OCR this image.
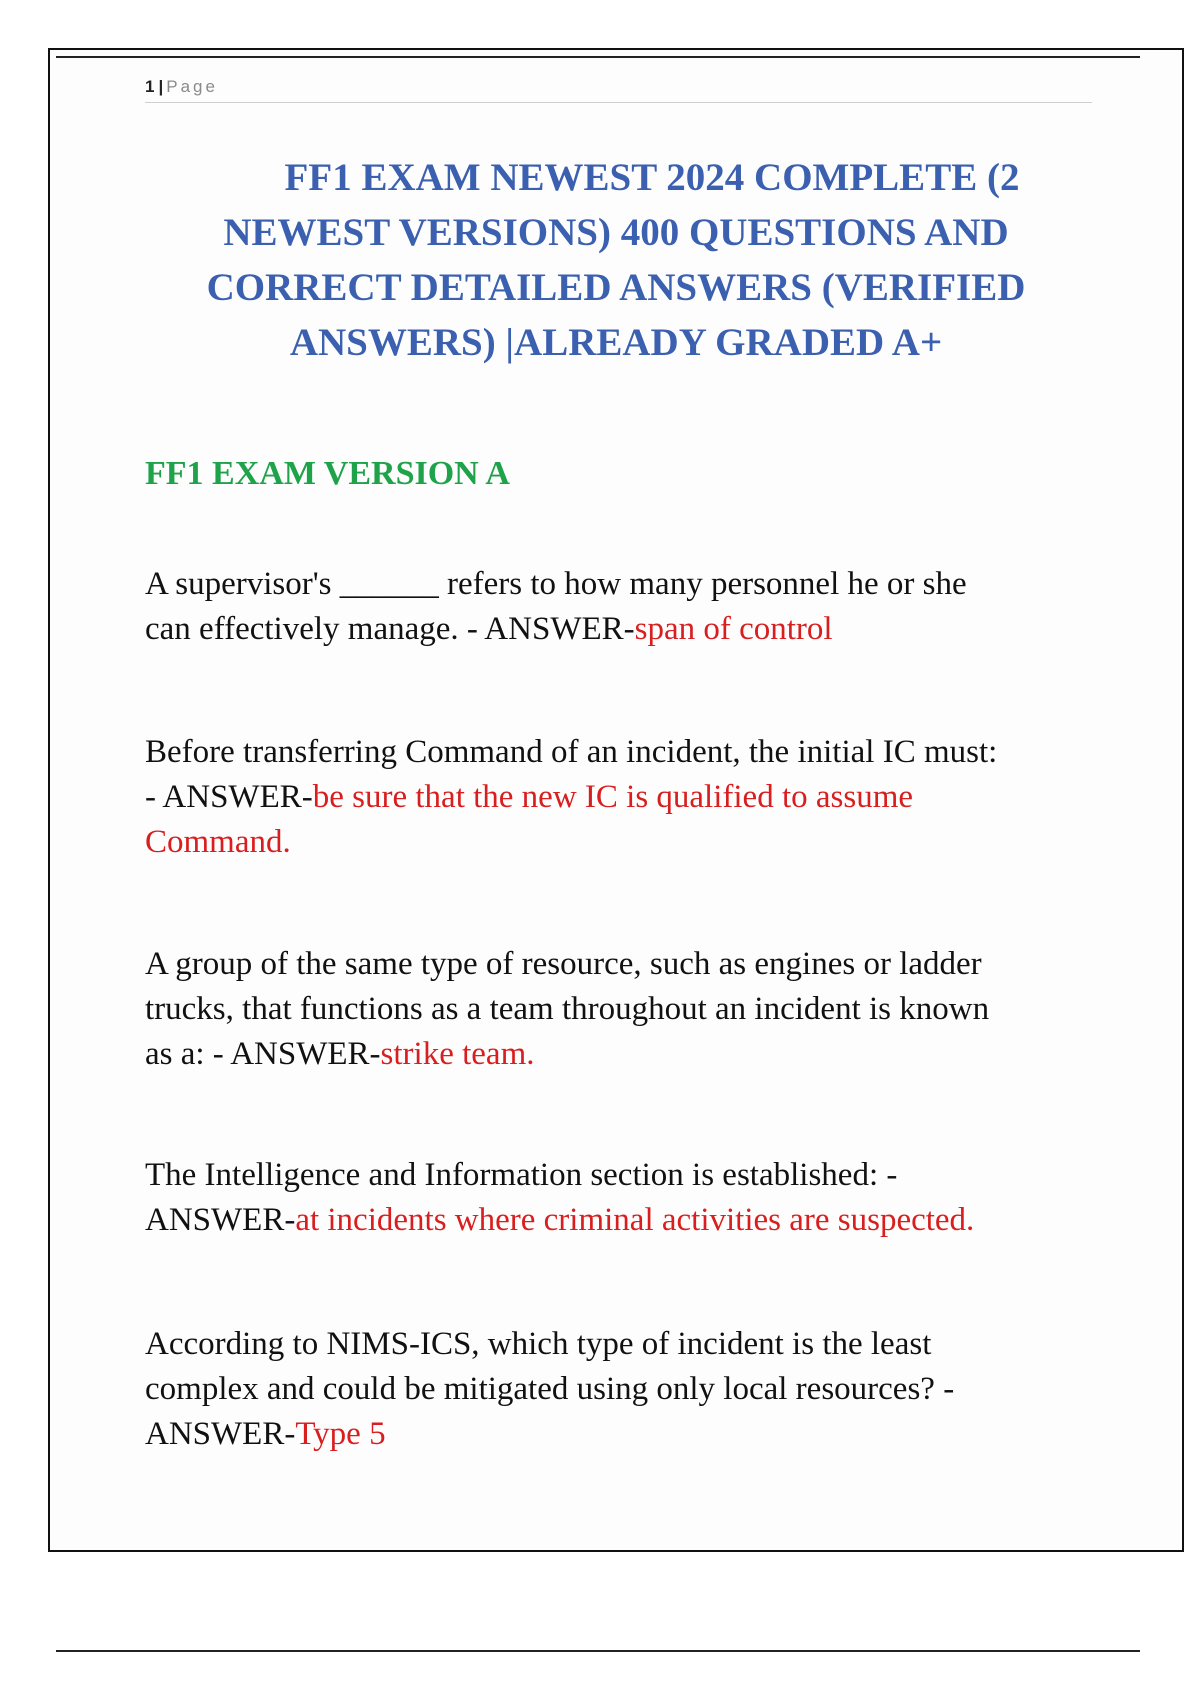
1 | Page
FF1 EXAM NEWEST 2024 COMPLETE (2
NEWEST VERSIONS) 400 QUESTIONS AND
CORRECT DETAILED ANSWERS (VERIFIED
ANSWERS) |ALREADY GRADED A+
FF1 EXAM VERSION A

A supervisor's ______ refers to how many personnel he or she
can effectively manage. - ANSWER-span of control

Before transferring Command of an incident, the initial IC must:
- ANSWER-be sure that the new IC is qualified to assume
Command.

A group of the same type of resource, such as engines or ladder
trucks, that functions as a team throughout an incident is known
as a: - ANSWER-strike team.

The Intelligence and Information section is established: -
ANSWER-at incidents where criminal activities are suspected.

According to NIMS-ICS, which type of incident is the least
complex and could be mitigated using only local resources? -
ANSWER-Type 5
